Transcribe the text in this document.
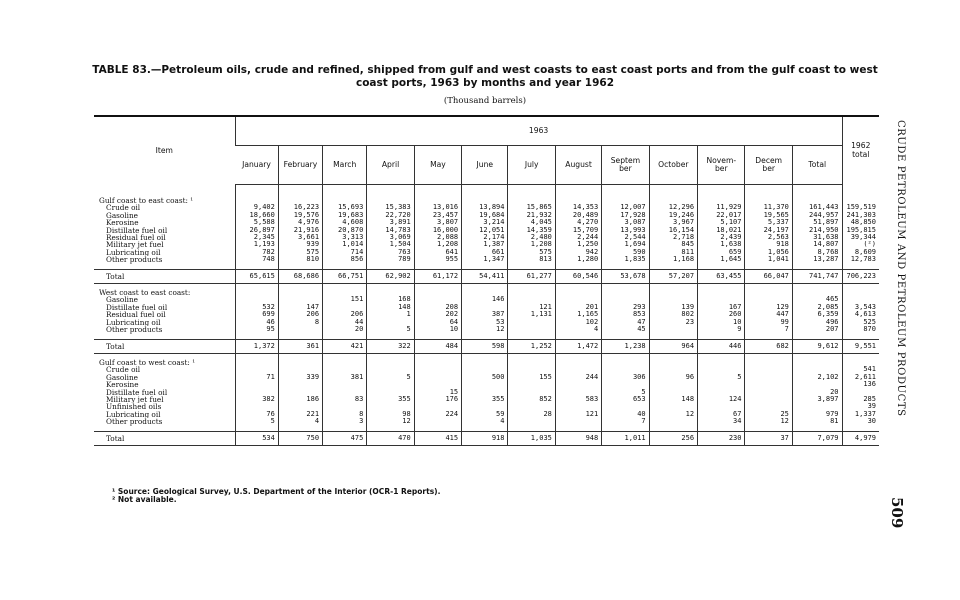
TABLE 83.—Petroleum oils, crude and refined, shipped from gulf and west coasts to east coast ports and from the gulf coast to west coast ports, 1963 by months and year 1962
(Thousand barrels)
Item	1963													1962 total
	January	February	March	April	May	June	July	August	Septem ber	October	Novem- ber	Decem ber	Total	

Gulf coast to east coast: ¹														
Crude oil	9,402	16,223	15,693	15,383	13,016	13,894	15,865	14,353	12,007	12,296	11,929	11,370	161,443	159,519
Gasoline	18,660	19,576	19,683	22,720	23,457	19,684	21,932	20,489	17,928	19,246	22,017	19,565	244,957	241,303
Kerosine	5,588	4,976	4,608	3,891	3,807	3,214	4,045	4,270	3,087	3,967	5,107	5,337	51,897	48,850
Distillate fuel oil	26,897	21,916	20,870	14,783	16,000	12,051	14,359	15,709	13,993	16,154	18,021	24,197	214,950	195,815
Residual fuel oil	2,345	3,661	3,313	3,069	2,088	2,174	2,480	2,244	2,544	2,718	2,439	2,563	31,638	39,344
Military jet fuel	1,193	939	1,014	1,504	1,208	1,387	1,208	1,250	1,694	845	1,638	918	14,807	(²)
Lubricating oil	782	575	714	763	641	661	575	942	590	811	659	1,056	8,768	8,609
Other products	748	810	856	789	955	1,347	813	1,280	1,835	1,168	1,645	1,041	13,287	12,783

Total	65,615	68,686	66,751	62,902	61,172	54,411	61,277	60,546	53,678	57,207	63,455	66,047	741,747	706,223

West coast to east coast:														
Gasoline			151	168		146							465	
Distillate fuel oil	532	147		148	208		121	201	293	139	167	129	2,085	3,543
Residual fuel oil	699	206	206	1	202	387	1,131	1,165	853	802	260	447	6,359	4,613
Lubricating oil	46	8	44		64	53		102	47	23	10	99	496	525
Other products	95		20	5	10	12		4	45		9	7	207	870

Total	1,372	361	421	322	484	598	1,252	1,472	1,238	964	446	682	9,612	9,551

Gulf coast to west coast: ¹														
Crude oil														541
Gasoline	71	339	381	5		500	155	244	306	96	5		2,102	2,611
Kerosine														136
Distillate fuel oil					15				5				20	
Military jet fuel	382	186	83	355	176	355	852	583	653	148	124		3,897	285
Unfinished oils														39
Lubricating oil	76	221	8	98	224	59	28	121	40	12	67	25	979	1,337
Other products	5	4	3	12		4			7		34	12	81	30

Total	534	750	475	470	415	918	1,035	948	1,011	256	230	37	7,079	4,979
¹ Source: Geological Survey, U.S. Department of the Interior (OCR-1 Reports).
² Not available.
CRUDE PETROLEUM AND PETROLEUM PRODUCTS
509
